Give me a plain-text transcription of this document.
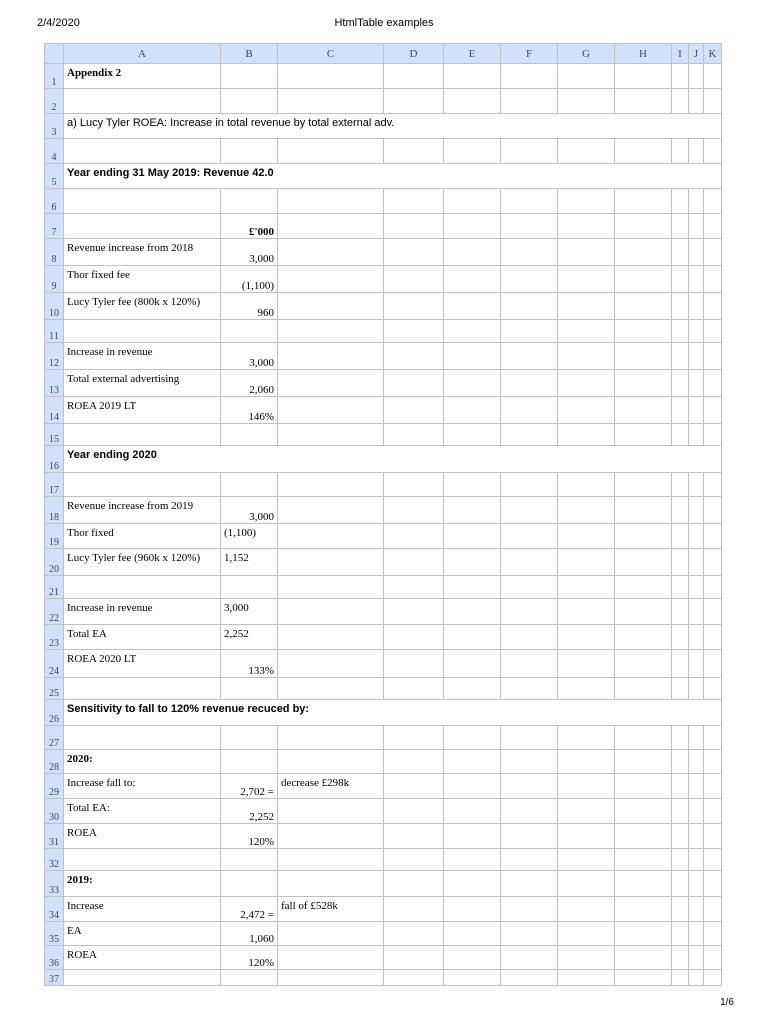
2/4/2020	HtmlTable examples
	A	B	C	D	E	F	G	H	I	J	K
1	Appendix 2										
2											
3	a) Lucy Tyler ROEA: Increase in total revenue by total external adv.										
4											
5	Year ending 31 May 2019: Revenue 42.0										
6											
7		£'000									
8	Revenue increase from 2018	3,000									
9	Thor fixed fee	(1,100)									
10	Lucy Tyler fee (800k x 120%)	960									
11											
12	Increase in revenue	3,000									
13	Total external advertising	2,060									
14	ROEA 2019 LT	146%									
15											
16	Year ending 2020										
17											
18	Revenue increase from 2019	3,000									
19	Thor fixed	(1,100)									
20	Lucy Tyler fee (960k x 120%)	1,152									
21											
22	Increase in revenue	3,000									
23	Total EA	2,252									
24	ROEA 2020 LT	133%									
25											
26	Sensitivity to fall to 120% revenue recuced by:										
27											
28	2020:										
29	Increase fall to:	2,702 =	decrease £298k								
30	Total EA:	2,252									
31	ROEA	120%									
32											
33	2019:										
34	Increase	2,472 =	fall of £528k								
35	EA	1,060									
36	ROEA	120%									
37											
1/6
